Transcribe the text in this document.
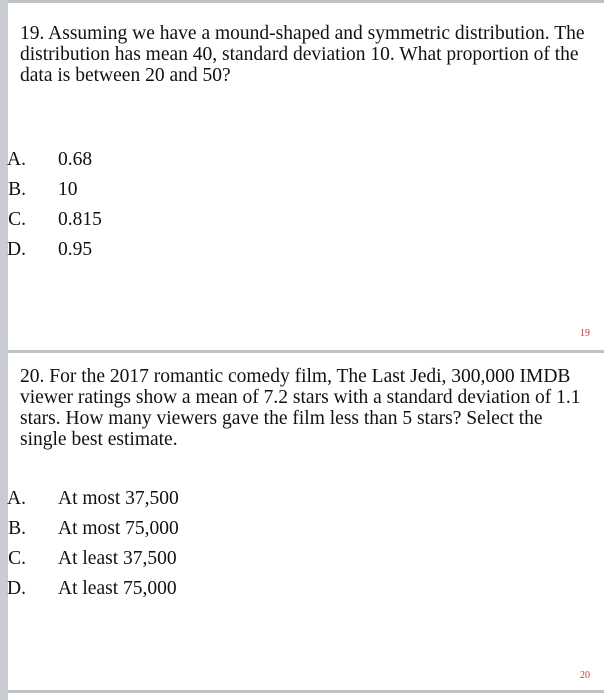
19. Assuming we have a mound-shaped and symmetric distribution. The distribution has mean 40, standard deviation 10. What proportion of the data is between 20 and 50?
A. 0.68
B. 10
C. 0.815
D. 0.95
19
20. For the 2017 romantic comedy film, The Last Jedi, 300,000 IMDB viewer ratings show a mean of 7.2 stars with a standard deviation of 1.1 stars. How many viewers gave the film less than 5 stars? Select the single best estimate.
A. At most 37,500
B. At most 75,000
C. At least 37,500
D. At least 75,000
20
